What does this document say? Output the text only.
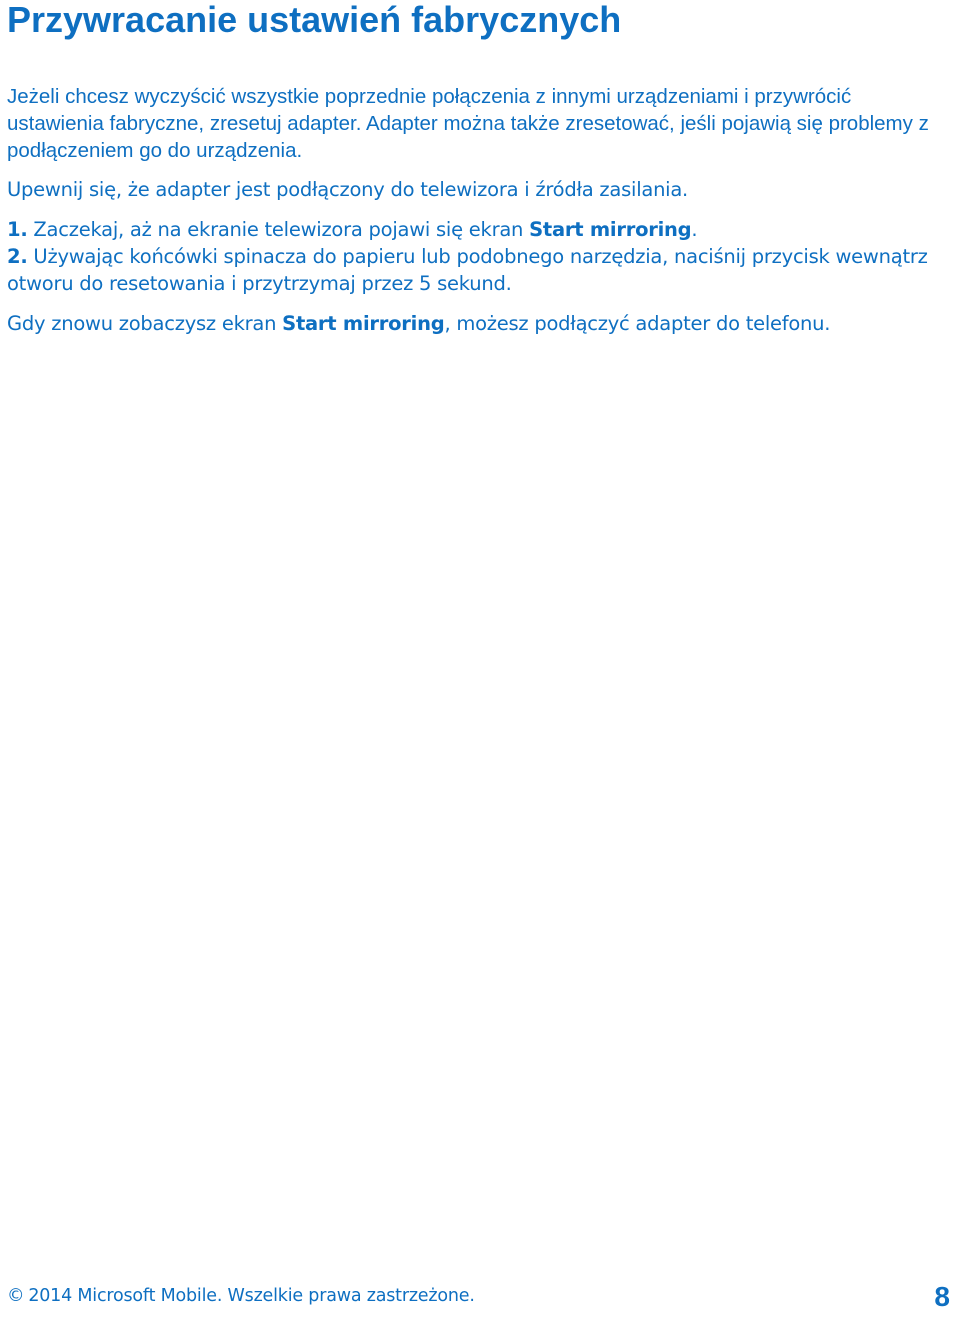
Przywracanie ustawień fabrycznych

Jeżeli chcesz wyczyścić wszystkie poprzednie połączenia z innymi urządzeniami i przywrócić ustawienia fabryczne, zresetuj adapter. Adapter można także zresetować, jeśli pojawią się problemy z podłączeniem go do urządzenia.

Upewnij się, że adapter jest podłączony do telewizora i źródła zasilania.

1. Zaczekaj, aż na ekranie telewizora pojawi się ekran Start mirroring.
2. Używając końcówki spinacza do papieru lub podobnego narzędzia, naciśnij przycisk wewnątrz otworu do resetowania i przytrzymaj przez 5 sekund.

Gdy znowu zobaczysz ekran Start mirroring, możesz podłączyć adapter do telefonu.

© 2014 Microsoft Mobile. Wszelkie prawa zastrzeżone.	8
